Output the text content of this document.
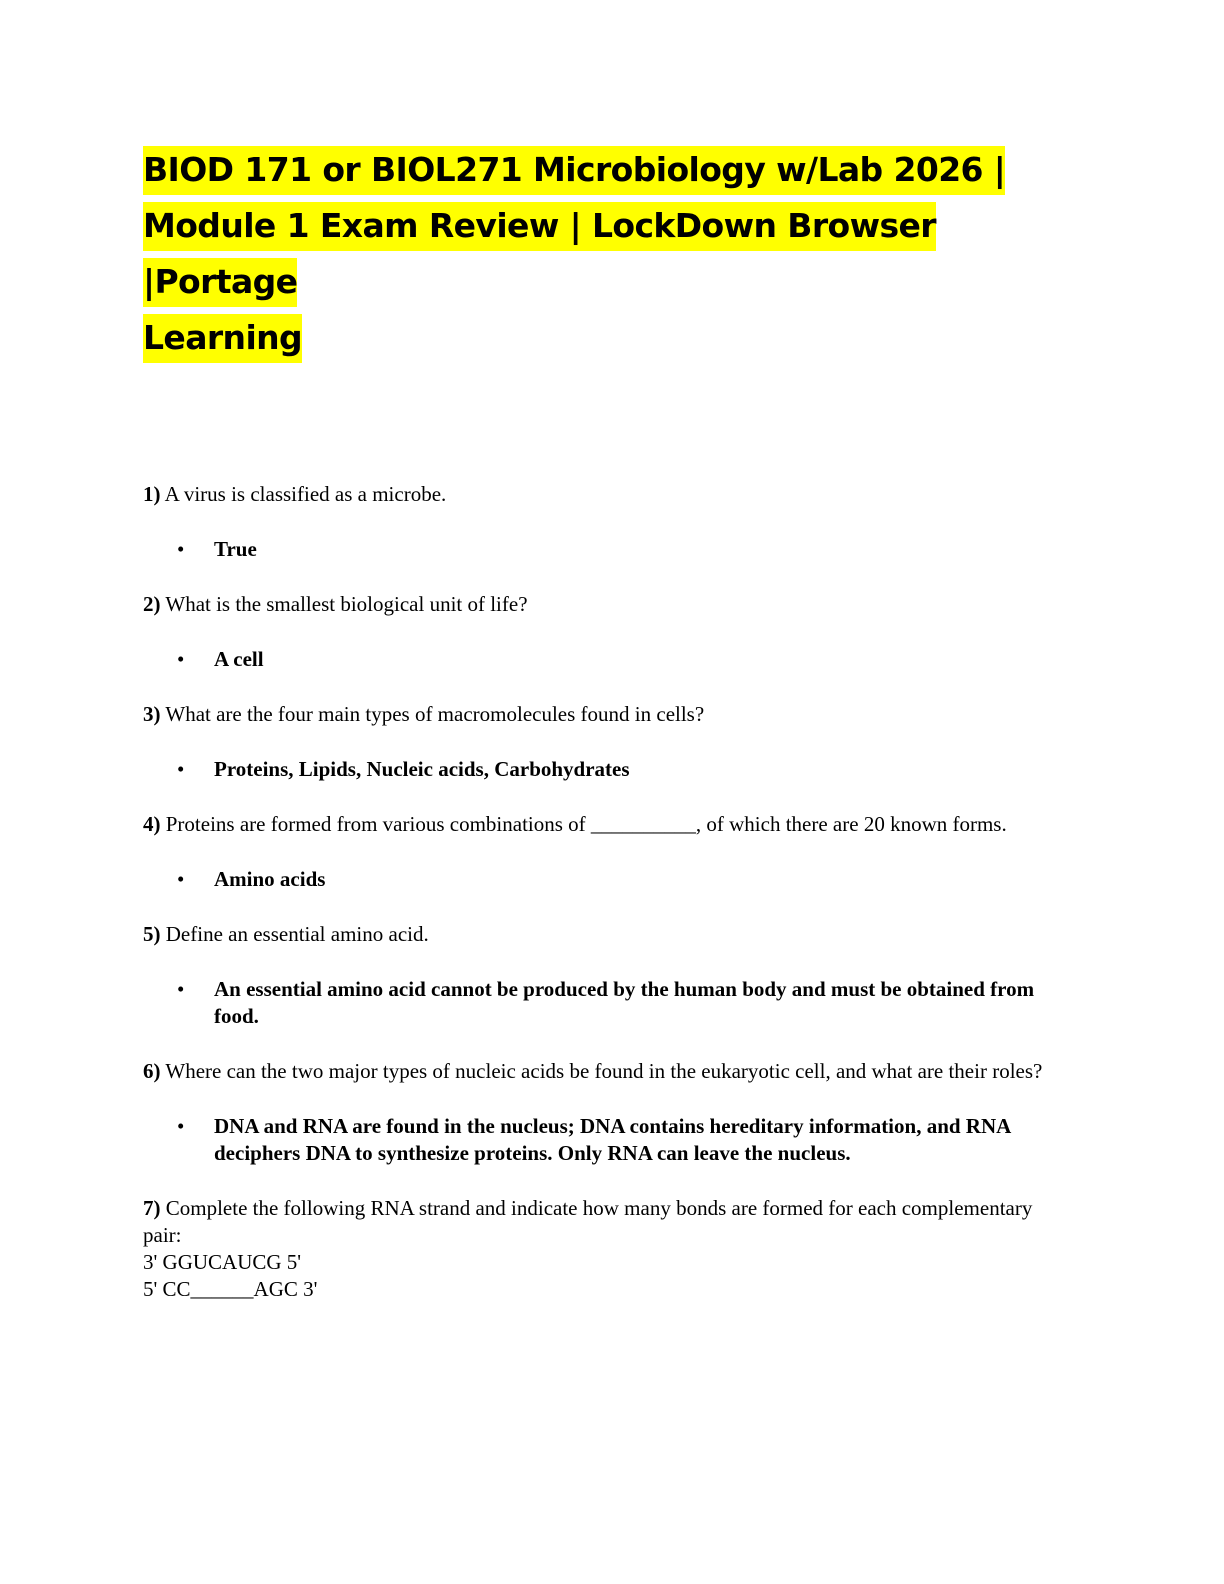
BIOD 171 or BIOL271 Microbiology w/Lab 2026 |
Module 1 Exam Review | LockDown Browser |Portage
Learning

1) A virus is classified as a microbe.

• True

2) What is the smallest biological unit of life?

• A cell

3) What are the four main types of macromolecules found in cells?

• Proteins, Lipids, Nucleic acids, Carbohydrates

4) Proteins are formed from various combinations of __________, of which there are 20 known forms.

• Amino acids

5) Define an essential amino acid.

• An essential amino acid cannot be produced by the human body and must be obtained from food.

6) Where can the two major types of nucleic acids be found in the eukaryotic cell, and what are their roles?

• DNA and RNA are found in the nucleus; DNA contains hereditary information, and RNA deciphers DNA to synthesize proteins. Only RNA can leave the nucleus.

7) Complete the following RNA strand and indicate how many bonds are formed for each complementary pair:

3' GGUCAUCG 5'

5' CC______AGC 3'
